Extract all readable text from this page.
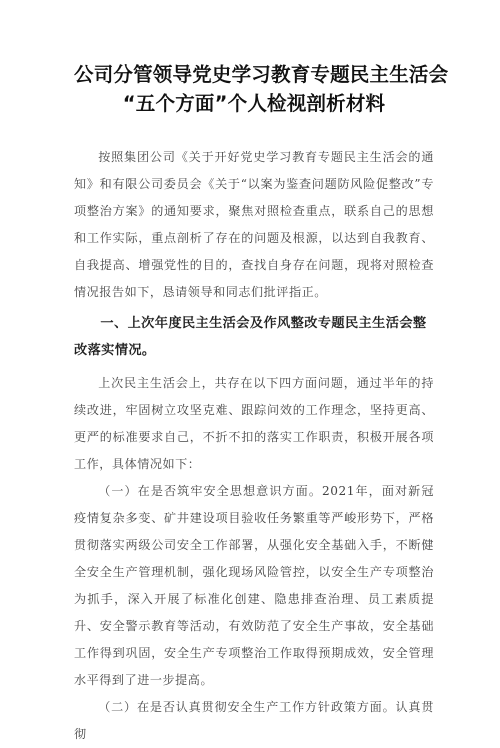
公司分管领导党史学习教育专题民主生活会
“五个方面”个人检视剖析材料

按照集团公司《关于开好党史学习教育专题民主生活会的通知》和有限公司委员会《关于“以案为鉴查问题防风险促整改”专项整治方案》的通知要求，聚焦对照检查重点，联系自己的思想和工作实际，重点剖析了存在的问题及根源，以达到自我教育、自我提高、增强党性的目的，查找自身存在问题，现将对照检查情况报告如下，恳请领导和同志们批评指正。

一、上次年度民主生活会及作风整改专题民主生活会整改落实情况。

上次民主生活会上，共存在以下四方面问题，通过半年的持续改进，牢固树立攻坚克难、跟踪问效的工作理念，坚持更高、更严的标准要求自己，不折不扣的落实工作职责，积极开展各项工作，具体情况如下：

（一）在是否筑牢安全思想意识方面。2021年，面对新冠疫情复杂多变、矿井建设项目验收任务繁重等严峻形势下，严格贯彻落实两级公司安全工作部署，从强化安全基础入手，不断健全安全生产管理机制，强化现场风险管控，以安全生产专项整治为抓手，深入开展了标准化创建、隐患排查治理、员工素质提升、安全警示教育等活动，有效防范了安全生产事故，安全基础工作得到巩固，安全生产专项整治工作取得预期成效，安全管理水平得到了进一步提高。

（二）在是否认真贯彻安全生产工作方针政策方面。认真贯彻
